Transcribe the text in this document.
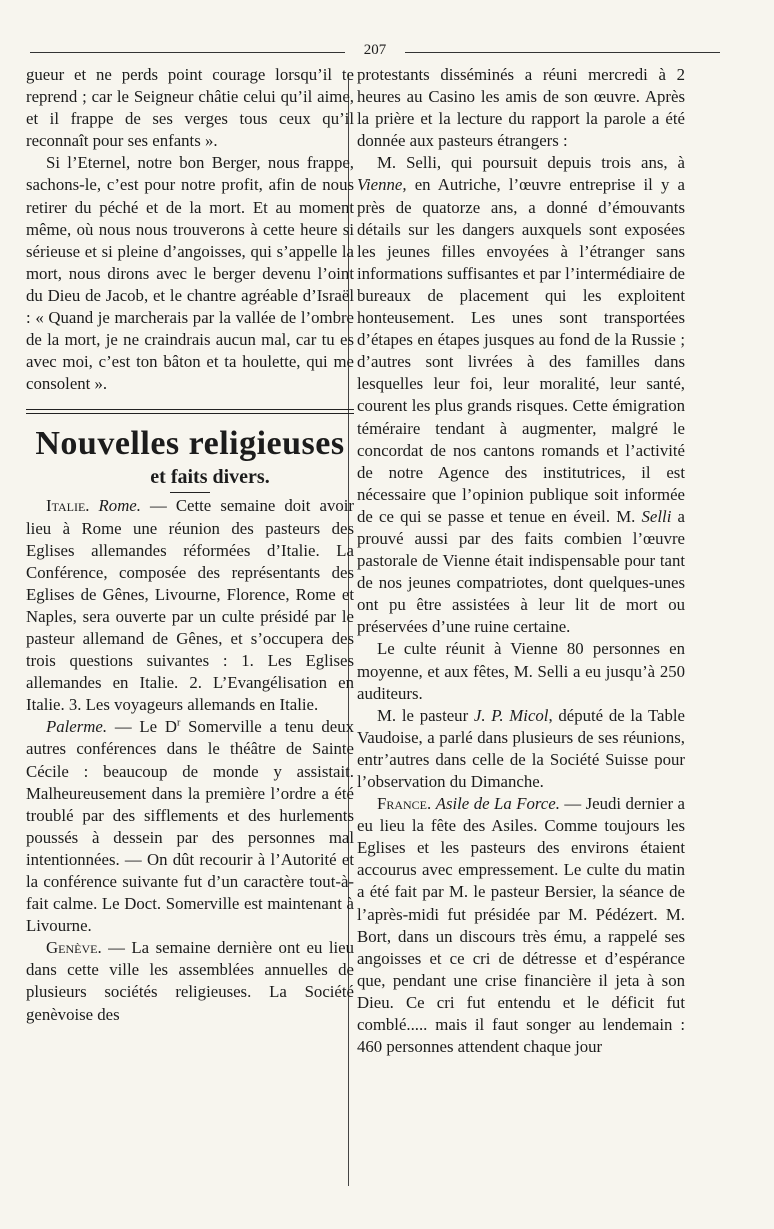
207

gueur et ne perds point courage lorsqu’il te reprend ; car le Seigneur châtie celui qu’il aime, et il frappe de ses verges tous ceux qu’il reconnaît pour ses enfants ».

Si l’Eternel, notre bon Berger, nous frappe, sachons-le, c’est pour notre profit, afin de nous retirer du péché et de la mort. Et au moment même, où nous nous trouverons à cette heure si sérieuse et si pleine d’angoisses, qui s’appelle la mort, nous dirons avec le berger devenu l’oint du Dieu de Jacob, et le chantre agréable d’Israël : « Quand je marcherais par la vallée de l’ombre de la mort, je ne craindrais aucun mal, car tu es avec moi, c’est ton bâton et ta houlette, qui me consolent ».

Nouvelles religieuses
et faits divers.

Italie. Rome. — Cette semaine doit avoir lieu à Rome une réunion des pasteurs des Eglises allemandes réformées d’Italie. La Conférence, composée des représentants des Eglises de Gênes, Livourne, Florence, Rome et Naples, sera ouverte par un culte présidé par le pasteur allemand de Gênes, et s’occupera des trois questions suivantes : 1. Les Eglises allemandes en Italie. 2. L’Evangélisation en Italie. 3. Les voyageurs allemands en Italie.

Palerme. — Le $D^r$ Somerville a tenu deux autres conférences dans le théâtre de Sainte Cécile : beaucoup de monde y assistait. Malheureusement dans la première l’ordre a été troublé par des sifflements et des hurlements poussés à dessein par des personnes mal intentionnées. — On dût recourir à l’Autorité et la conférence suivante fut d’un caractère tout-à-fait calme. Le Doct. Somerville est maintenant à Livourne.

Genève. — La semaine dernière ont eu lieu dans cette ville les assemblées annuelles de plusieurs sociétés religieuses. La Société genèvoise des

protestants disséminés a réuni mercredi à 2 heures au Casino les amis de son œuvre. Après la prière et la lecture du rapport la parole a été donnée aux pasteurs étrangers :

M. Selli, qui poursuit depuis trois ans, à Vienne, en Autriche, l’œuvre entreprise il y a près de quatorze ans, a donné d’émouvants détails sur les dangers auxquels sont exposées les jeunes filles envoyées à l’étranger sans informations suffisantes et par l’intermédiaire de bureaux de placement qui les exploitent honteusement. Les unes sont transportées d’étapes en étapes jusques au fond de la Russie ; d’autres sont livrées à des familles dans lesquelles leur foi, leur moralité, leur santé, courent les plus grands risques. Cette émigration téméraire tendant à augmenter, malgré le concordat de nos cantons romands et l’activité de notre Agence des institutrices, il est nécessaire que l’opinion publique soit informée de ce qui se passe et tenue en éveil. M. Selli a prouvé aussi par des faits combien l’œuvre pastorale de Vienne était indispensable pour tant de nos jeunes compatriotes, dont quelques-unes ont pu être assistées à leur lit de mort ou préservées d’une ruine certaine.

Le culte réunit à Vienne 80 personnes en moyenne, et aux fêtes, M. Selli a eu jusqu’à 250 auditeurs.

M. le pasteur J. P. Micol, député de la Table Vaudoise, a parlé dans plusieurs de ses réunions, entr’autres dans celle de la Société Suisse pour l’observation du Dimanche.

France. Asile de La Force. — Jeudi dernier a eu lieu la fête des Asiles. Comme toujours les Eglises et les pasteurs des environs étaient accourus avec empressement. Le culte du matin a été fait par M. le pasteur Bersier, la séance de l’après-midi fut présidée par M. Pédézert. M. Bort, dans un discours très ému, a rappelé ses angoisses et ce cri de détresse et d’espérance que, pendant une crise financière il jeta à son Dieu. Ce cri fut entendu et le déficit fut comblé..... mais il faut songer au lendemain : 460 personnes attendent chaque jour
